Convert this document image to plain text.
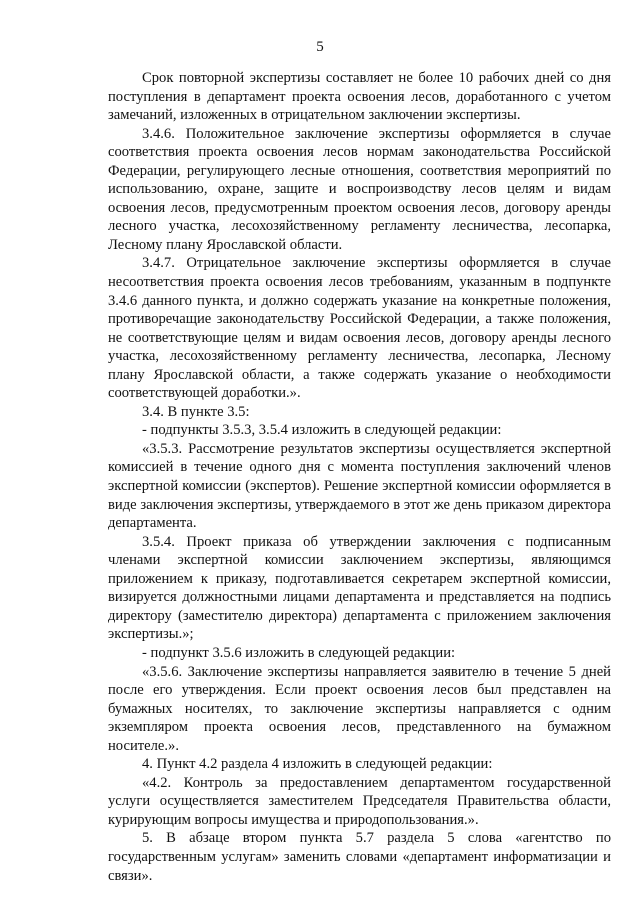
5

Срок повторной экспертизы составляет не более 10 рабочих дней со дня поступления в департамент проекта освоения лесов, доработанного с учетом замечаний, изложенных в отрицательном заключении экспертизы.

3.4.6. Положительное заключение экспертизы оформляется в случае соответствия проекта освоения лесов нормам законодательства Российской Федерации, регулирующего лесные отношения, соответствия мероприятий по использованию, охране, защите и воспроизводству лесов целям и видам освоения лесов, предусмотренным проектом освоения лесов, договору аренды лесного участка, лесохозяйственному регламенту лесничества, лесопарка, Лесному плану Ярославской области.

3.4.7. Отрицательное заключение экспертизы оформляется в случае несоответствия проекта освоения лесов требованиям, указанным в подпункте 3.4.6 данного пункта, и должно содержать указание на конкретные положения, противоречащие законодательству Российской Федерации, а также положения, не соответствующие целям и видам освоения лесов, договору аренды лесного участка, лесохозяйственному регламенту лесничества, лесопарка, Лесному плану Ярославской области, а также содержать указание о необходимости соответствующей доработки.».

3.4. В пункте 3.5:

- подпункты 3.5.3, 3.5.4 изложить в следующей редакции:

«3.5.3. Рассмотрение результатов экспертизы осуществляется экспертной комиссией в течение одного дня с момента поступления заключений членов экспертной комиссии (экспертов). Решение экспертной комиссии оформляется в виде заключения экспертизы, утверждаемого в этот же день приказом директора департамента.

3.5.4. Проект приказа об утверждении заключения с подписанным членами экспертной комиссии заключением экспертизы, являющимся приложением к приказу, подготавливается секретарем экспертной комиссии, визируется должностными лицами департамента и представляется на подпись директору (заместителю директора) департамента с приложением заключения экспертизы.»;

- подпункт 3.5.6 изложить в следующей редакции:

«3.5.6. Заключение экспертизы направляется заявителю в течение 5 дней после его утверждения. Если проект освоения лесов был представлен на бумажных носителях, то заключение экспертизы направляется с одним экземпляром проекта освоения лесов, представленного на бумажном носителе.».

4. Пункт 4.2 раздела 4 изложить в следующей редакции:

«4.2. Контроль за предоставлением департаментом государственной услуги осуществляется заместителем Председателя Правительства области, курирующим вопросы имущества и природопользования.».

5. В абзаце втором пункта 5.7 раздела 5 слова «агентство по государственным услугам» заменить словами «департамент информатизации и связи».
